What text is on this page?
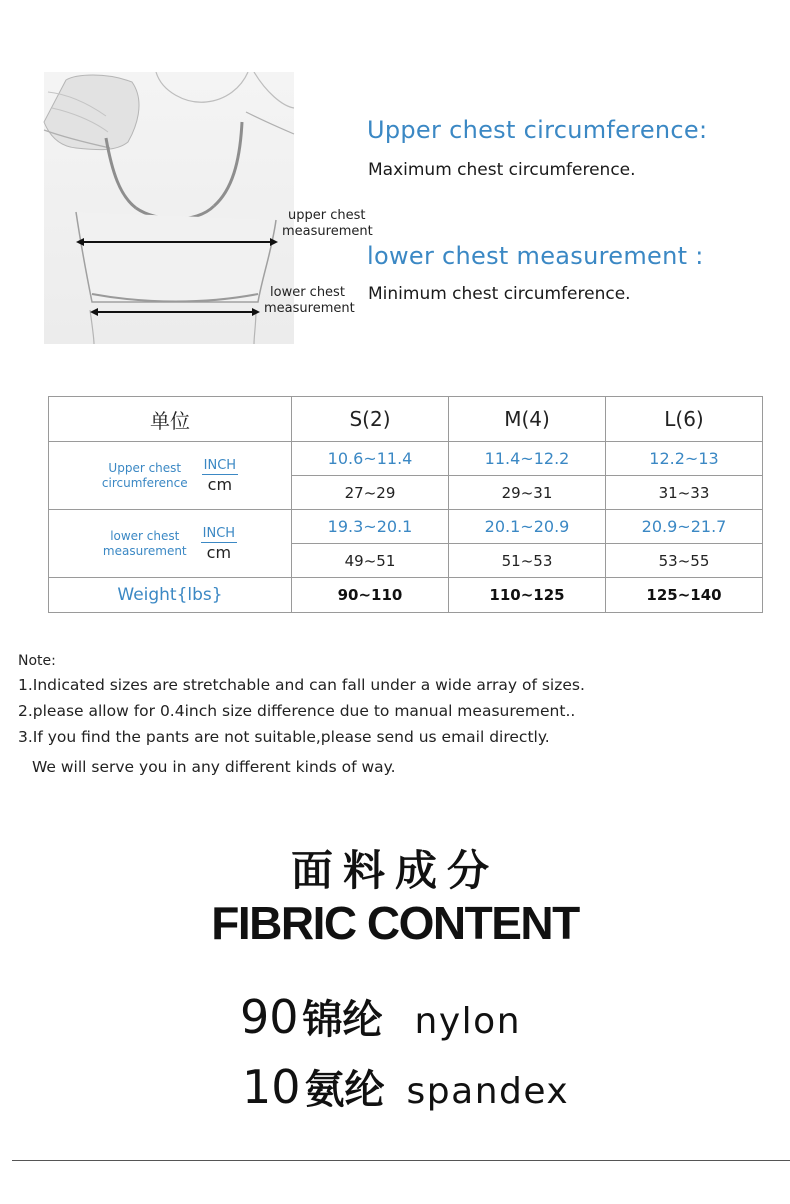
upper chest
measurement
lower chest
measurement
Upper chest circumference:
Maximum chest circumference.
lower chest measurement :
Minimum chest circumference.
单位	S(2)	M(4)	L(6)

Upper chest
circumference $\frac{\text{INCH}}{cm}$	10.6~11.4	11.4~12.2	12.2~13
	27~29	29~31	31~33

lower chest
measurement $\frac{\text{INCH}}{cm}$	19.3~20.1	20.1~20.9	20.9~21.7
	49~51	51~53	53~55
Weight{lbs}	90~110	110~125	125~140
Note:
1.Indicated sizes are stretchable and can fall under a wide array of sizes.
2.please allow for 0.4inch size difference due to manual measurement..
3.If you find the pants are not suitable,please send us email directly.
We will serve you in any different kinds of way.
面料成分
FIBRIC CONTENT
90 锦纶 nylon
10 氨纶 spandex
